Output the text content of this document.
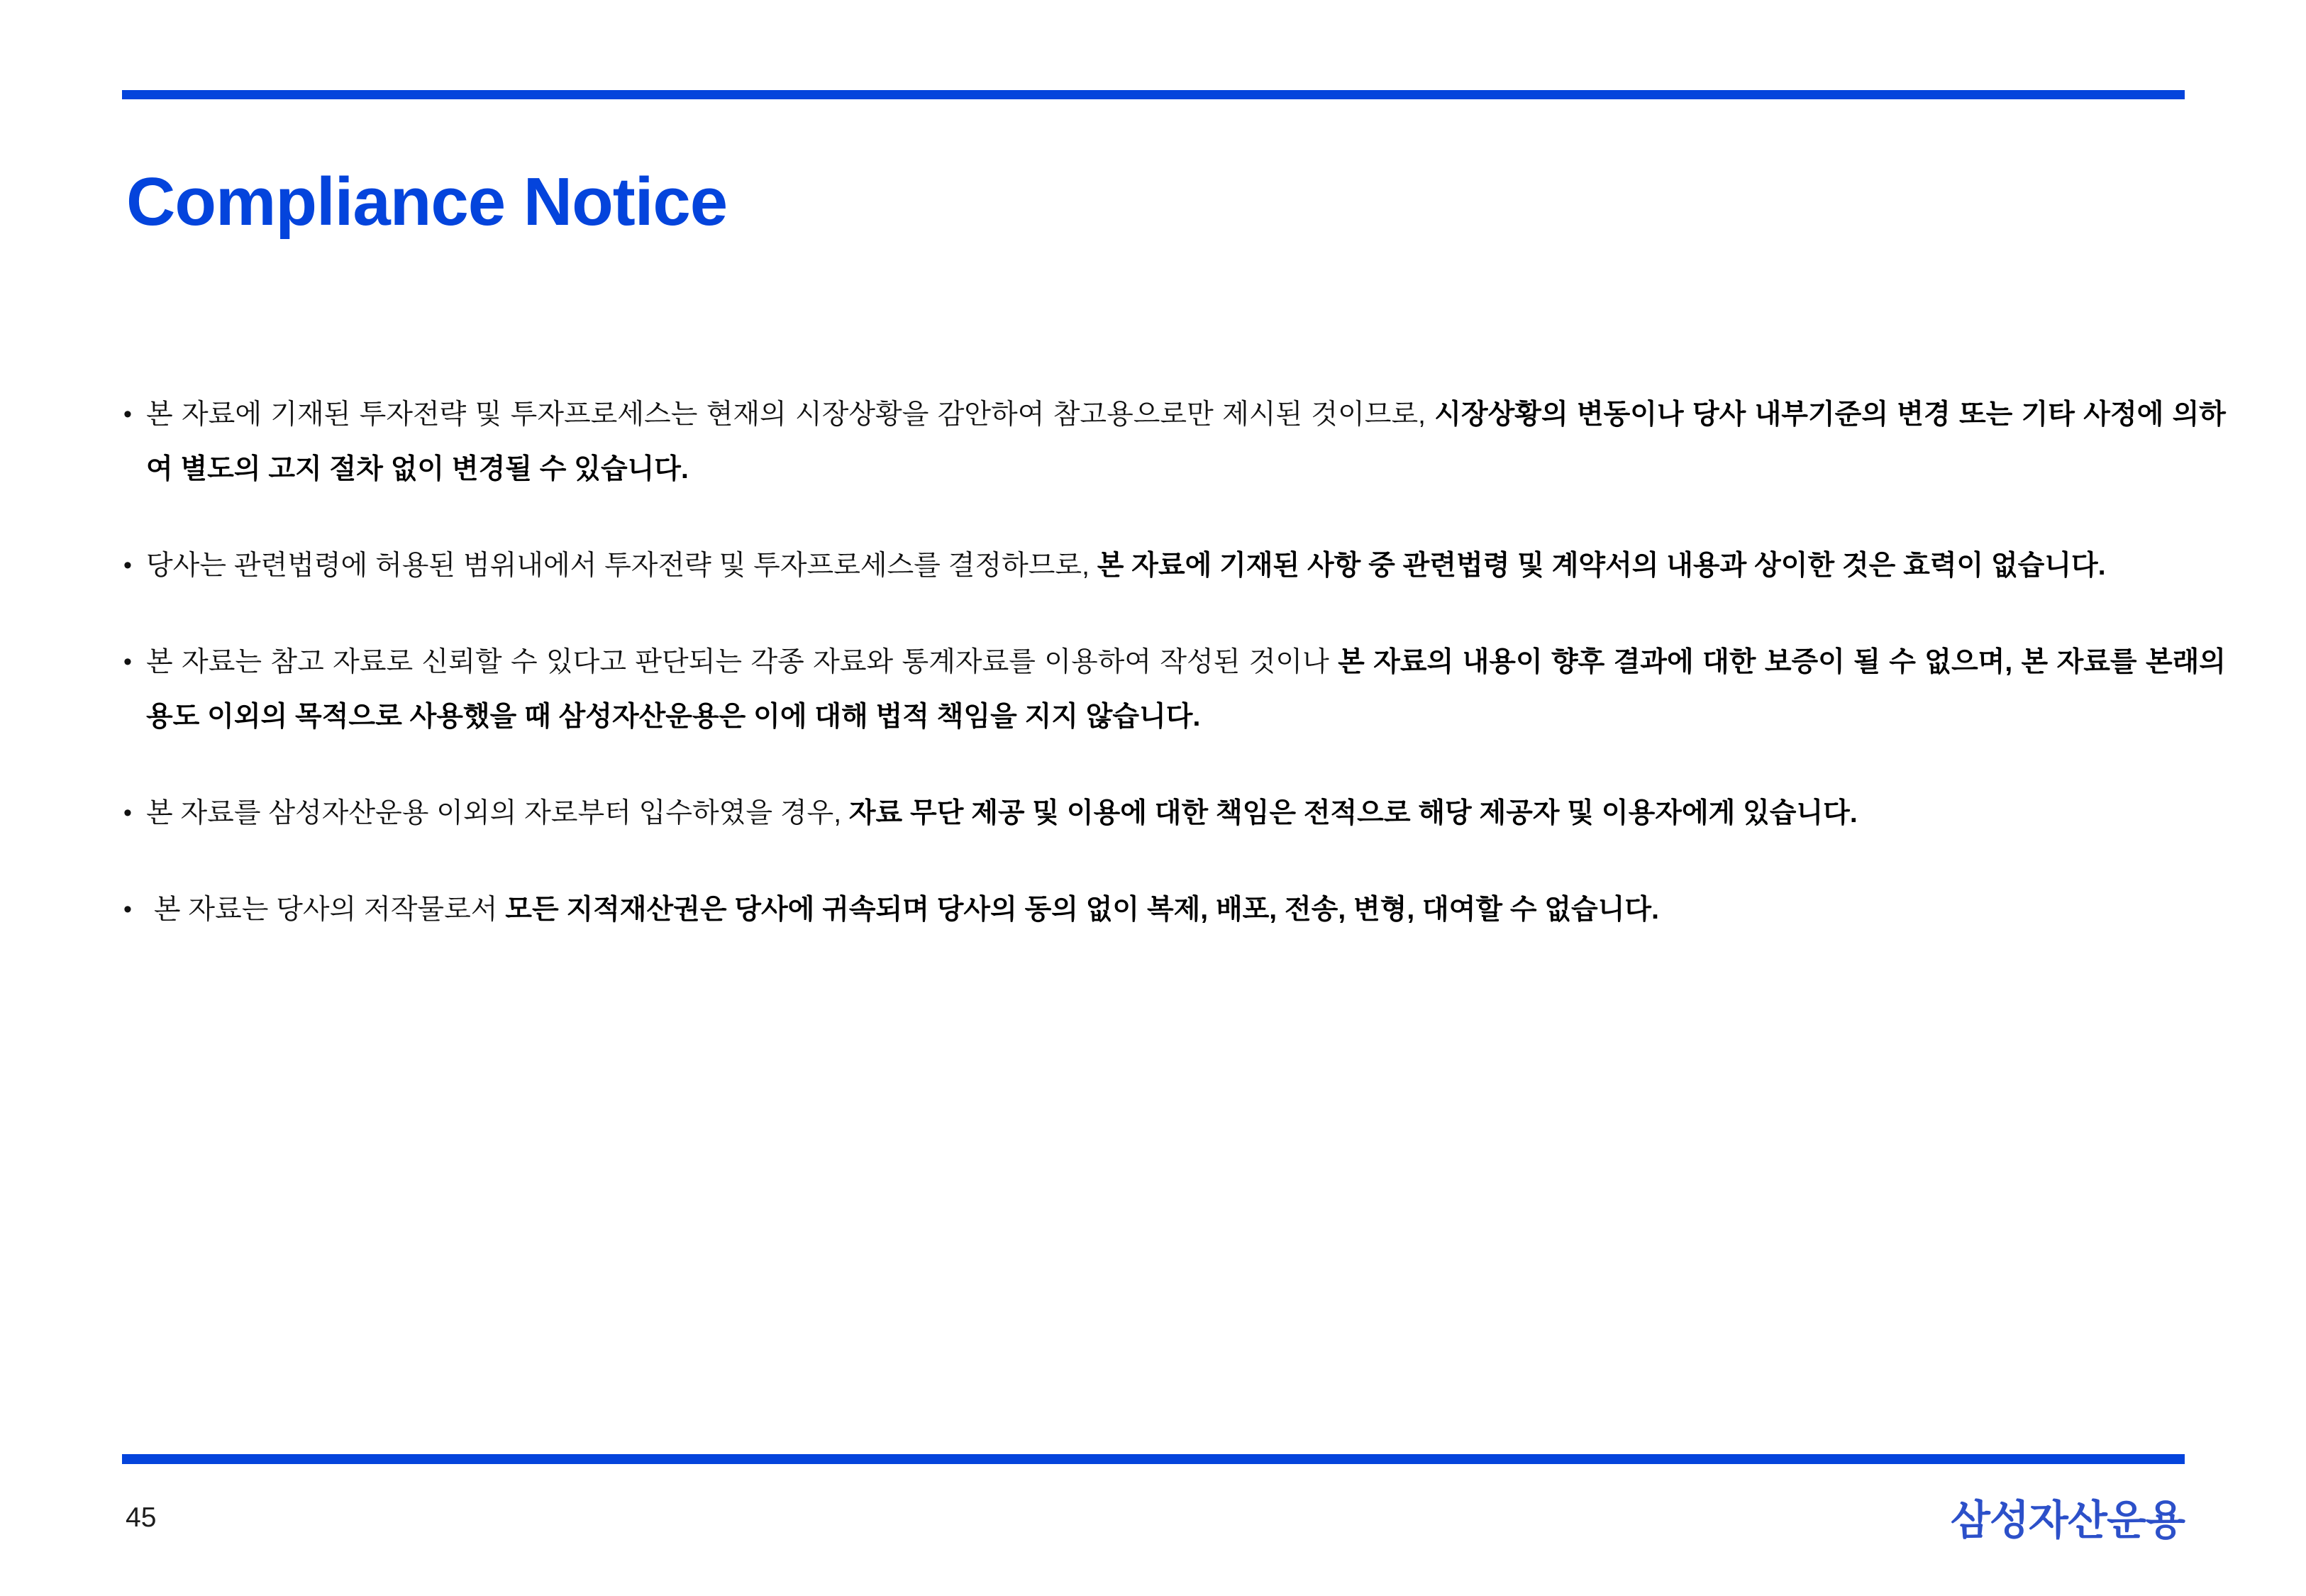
Compliance Notice
• 본 자료에 기재된 투자전략 및 투자프로세스는 현재의 시장상황을 감안하여 참고용으로만 제시된 것이므로, 시장상황의 변동이나 당사 내부기준의 변경 또는 기타 사정에 의하여 별도의 고지 절차 없이 변경될 수 있습니다.
• 당사는 관련법령에 허용된 범위내에서 투자전략 및 투자프로세스를 결정하므로, 본 자료에 기재된 사항 중 관련법령 및 계약서의 내용과 상이한 것은 효력이 없습니다.
• 본 자료는 참고 자료로 신뢰할 수 있다고 판단되는 각종 자료와 통계자료를 이용하여 작성된 것이나 본 자료의 내용이 향후 결과에 대한 보증이 될 수 없으며, 본 자료를 본래의 용도 이외의 목적으로 사용했을 때 삼성자산운용은 이에 대해 법적 책임을 지지 않습니다.
• 본 자료를 삼성자산운용 이외의 자로부터 입수하였을 경우, 자료 무단 제공 및 이용에 대한 책임은 전적으로 해당 제공자 및 이용자에게 있습니다.
• 본 자료는 당사의 저작물로서 모든 지적재산권은 당사에 귀속되며 당사의 동의 없이 복제, 배포, 전송, 변형, 대여할 수 없습니다.
45	삼성자산운용
